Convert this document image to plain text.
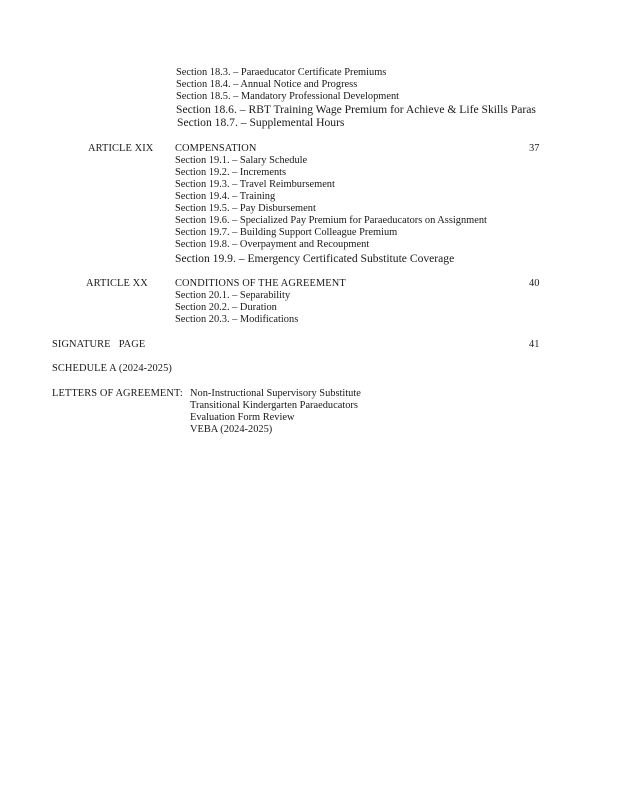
Section 18.3. – Paraeducator Certificate Premiums
Section 18.4. – Annual Notice and Progress
Section 18.5. – Mandatory Professional Development
Section 18.6. – RBT Training Wage Premium for Achieve & Life Skills Paras
Section 18.7. – Supplemental Hours
ARTICLE XIX COMPENSATION	37
Section 19.1. – Salary Schedule
Section 19.2. – Increments
Section 19.3. – Travel Reimbursement
Section 19.4. – Training
Section 19.5. – Pay Disbursement
Section 19.6. – Specialized Pay Premium for Paraeducators on Assignment
Section 19.7. – Building Support Colleague Premium
Section 19.8. – Overpayment and Recoupment
Section 19.9. – Emergency Certificated Substitute Coverage
ARTICLE XX	CONDITIONS OF THE AGREEMENT	40
Section 20.1. – Separability
Section 20.2. – Duration
Section 20.3. – Modifications
SIGNATURE   PAGE	41
SCHEDULE A (2024-2025)
LETTERS OF AGREEMENT: Non-Instructional Supervisory Substitute
Transitional Kindergarten Paraeducators
Evaluation Form Review
VEBA (2024-2025)
